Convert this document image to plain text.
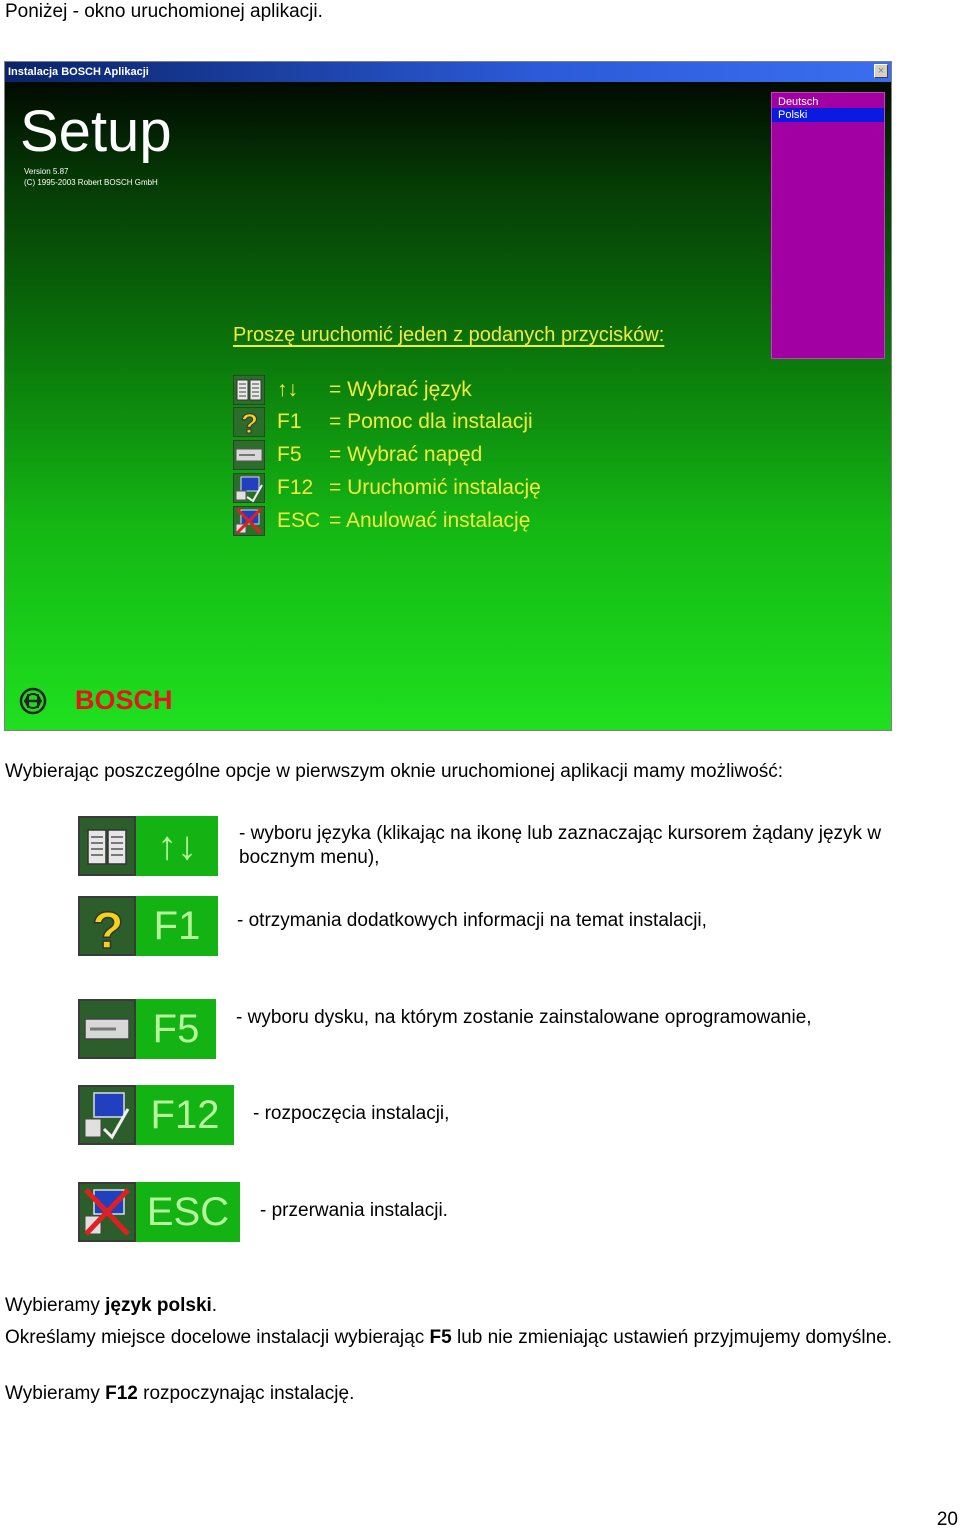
Poniżej - okno uruchomionej aplikacji.

Instalacja BOSCH Aplikacji	×
Setup
Version 5.87
(C) 1995-2003 Robert BOSCH GmbH
Deutsch
Polski
Proszę uruchomić jeden z podanych przycisków:
↑↓ = Wybrać język
? F1 = Pomoc dla instalacji
F5 = Wybrać napęd
F12 = Uruchomić instalację
ESC = Anulować instalację
BOSCH

Wybierając poszczególne opcje w pierwszym oknie uruchomionej aplikacji mamy możliwość:

↑↓	- wyboru języka (klikając na ikonę lub zaznaczając kursorem żądany język w bocznym menu),

? F1	- otrzymania dodatkowych informacji na temat instalacji,

F5	- wyboru dysku, na którym zostanie zainstalowane oprogramowanie,

F12	- rozpoczęcia instalacji,

ESC	- przerwania instalacji.

Wybieramy język polski.

Określamy miejsce docelowe instalacji wybierając F5 lub nie zmieniając ustawień przyjmujemy domyślne.

Wybieramy F12 rozpoczynając instalację.

20
